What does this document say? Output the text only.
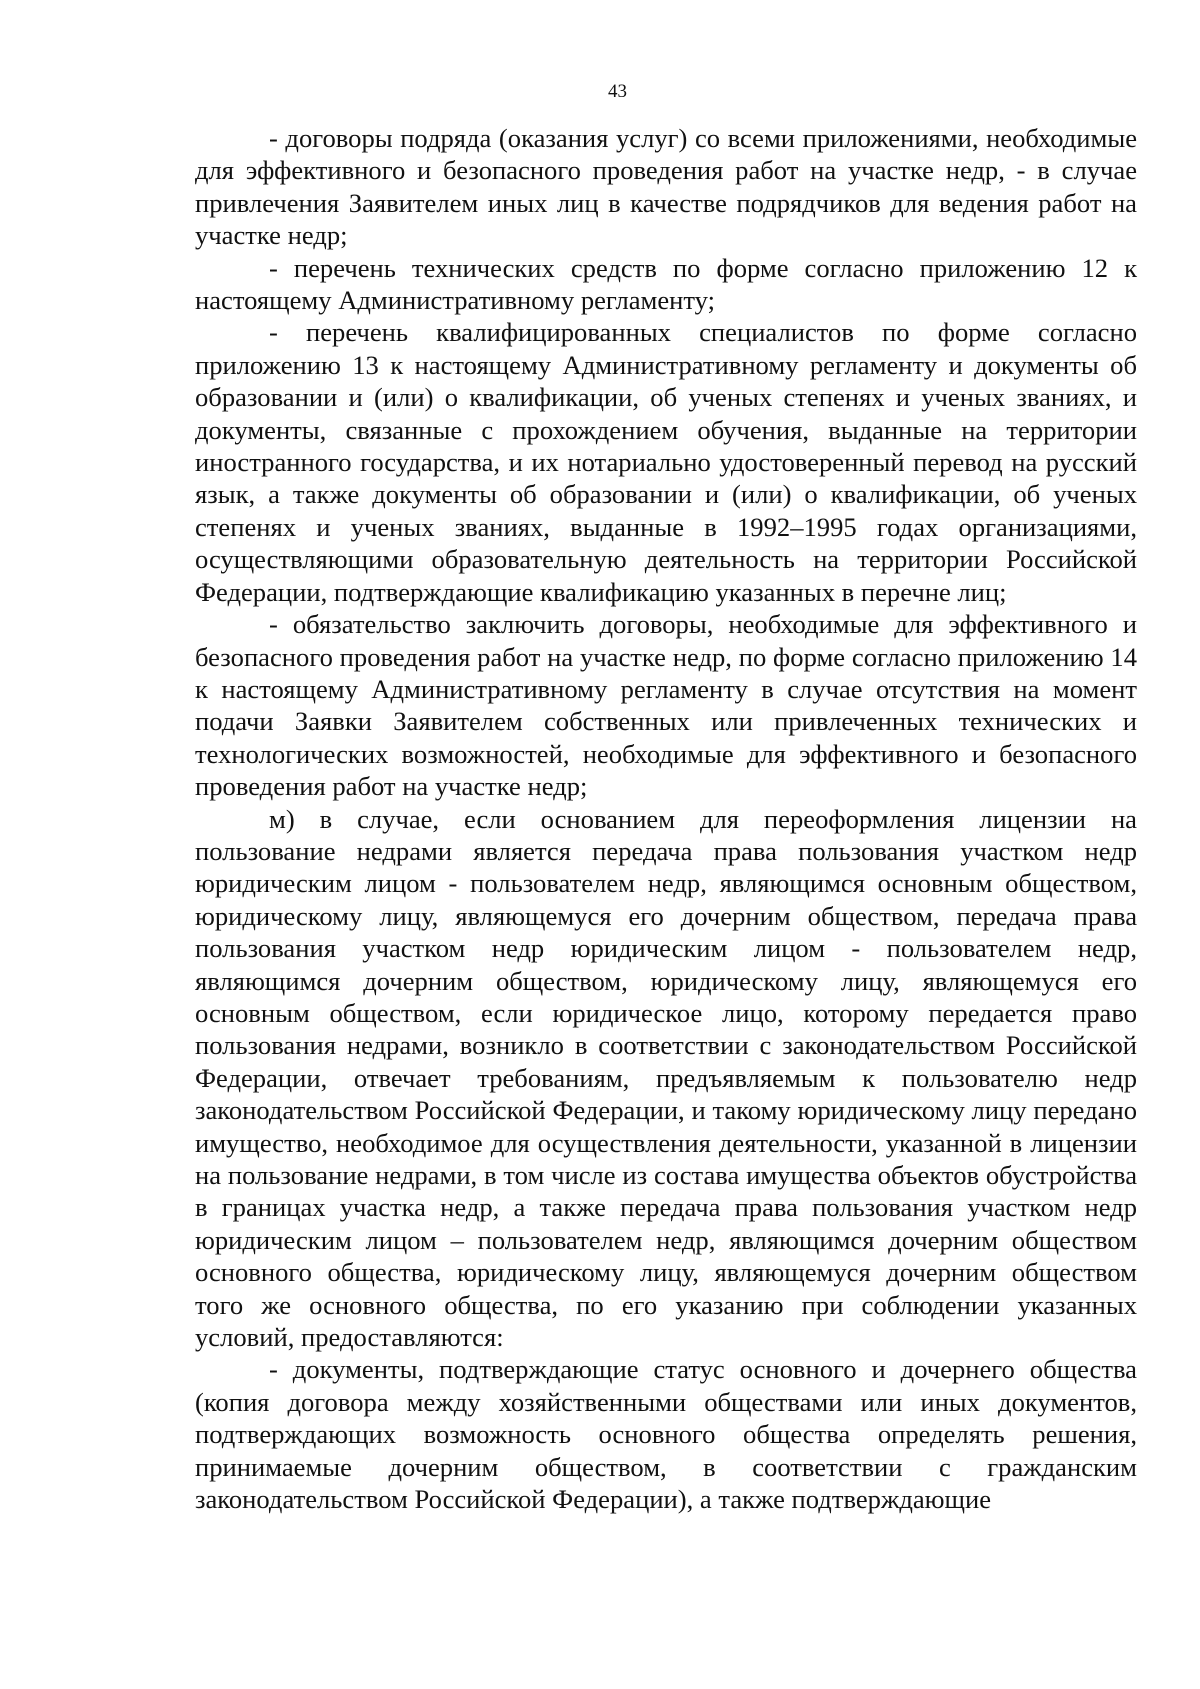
43

- договоры подряда (оказания услуг) со всеми приложениями, необходимые для эффективного и безопасного проведения работ на участке недр, - в случае привлечения Заявителем иных лиц в качестве подрядчиков для ведения работ на участке недр;

- перечень технических средств по форме согласно приложению 12 к настоящему Административному регламенту;

- перечень квалифицированных специалистов по форме согласно приложению 13 к настоящему Административному регламенту и документы об образовании и (или) о квалификации, об ученых степенях и ученых званиях, и документы, связанные с прохождением обучения, выданные на территории иностранного государства, и их нотариально удостоверенный перевод на русский язык, а также документы об образовании и (или) о квалификации, об ученых степенях и ученых званиях, выданные в 1992–1995 годах организациями, осуществляющими образовательную деятельность на территории Российской Федерации, подтверждающие квалификацию указанных в перечне лиц;

- обязательство заключить договоры, необходимые для эффективного и безопасного проведения работ на участке недр, по форме согласно приложению 14 к настоящему Административному регламенту в случае отсутствия на момент подачи Заявки Заявителем собственных или привлеченных технических и технологических возможностей, необходимые для эффективного и безопасного проведения работ на участке недр;

м) в случае, если основанием для переоформления лицензии на пользование недрами является передача права пользования участком недр юридическим лицом - пользователем недр, являющимся основным обществом, юридическому лицу, являющемуся его дочерним обществом, передача права пользования участком недр юридическим лицом - пользователем недр, являющимся дочерним обществом, юридическому лицу, являющемуся его основным обществом, если юридическое лицо, которому передается право пользования недрами, возникло в соответствии с законодательством Российской Федерации, отвечает требованиям, предъявляемым к пользователю недр законодательством Российской Федерации, и такому юридическому лицу передано имущество, необходимое для осуществления деятельности, указанной в лицензии на пользование недрами, в том числе из состава имущества объектов обустройства в границах участка недр, а также передача права пользования участком недр юридическим лицом – пользователем недр, являющимся дочерним обществом основного общества, юридическому лицу, являющемуся дочерним обществом того же основного общества, по его указанию при соблюдении указанных условий, предоставляются:

- документы, подтверждающие статус основного и дочернего общества (копия договора между хозяйственными обществами или иных документов, подтверждающих возможность основного общества определять решения, принимаемые дочерним обществом, в соответствии с гражданским законодательством Российской Федерации), а также подтверждающие
